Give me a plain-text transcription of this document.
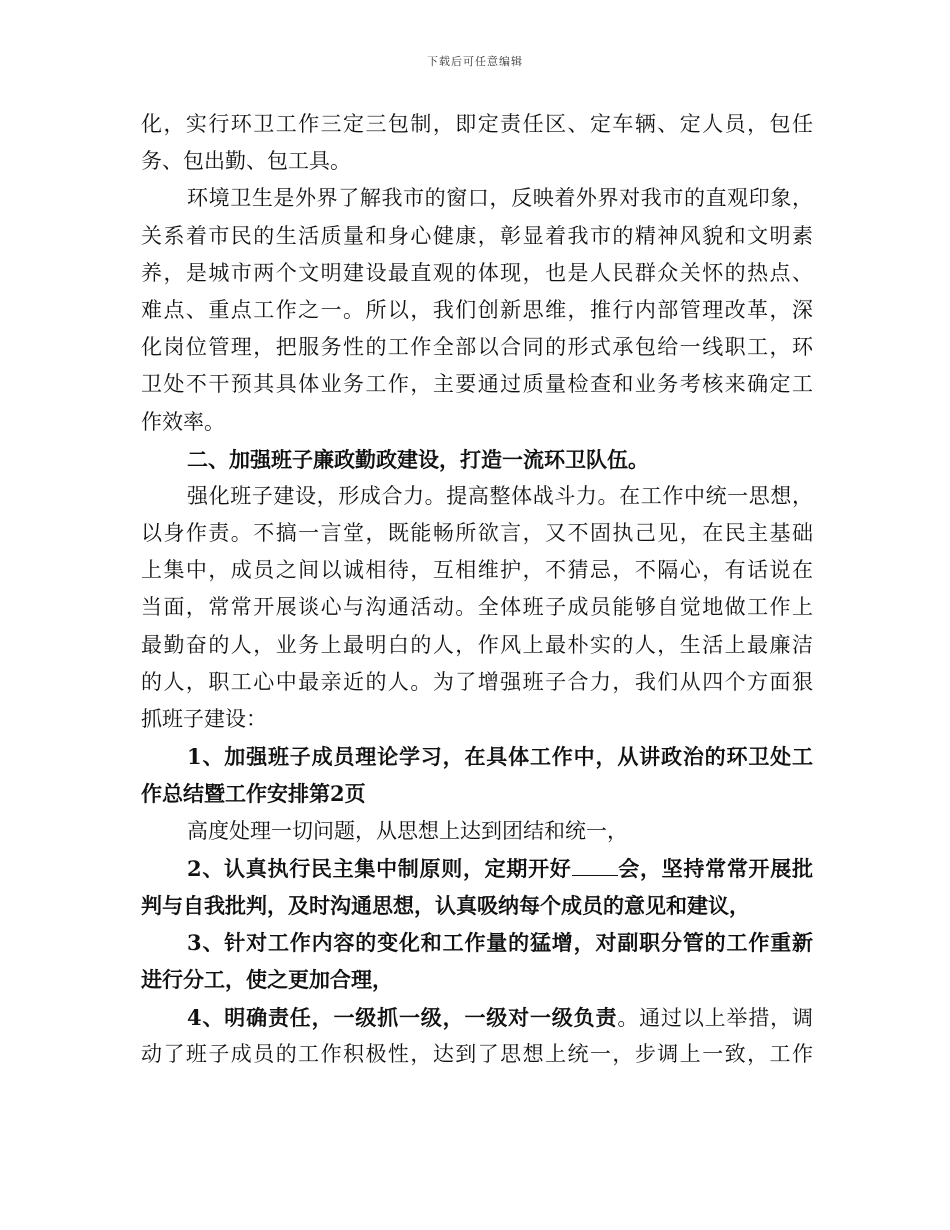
下载后可任意编辑
化，实行环卫工作三定三包制，即定责任区、定车辆、定人员，包任
务、包出勤、包工具。
环境卫生是外界了解我市的窗口，反映着外界对我市的直观印象，
关系着市民的生活质量和身心健康，彰显着我市的精神风貌和文明素
养，是城市两个文明建设最直观的体现，也是人民群众关怀的热点、
难点、重点工作之一。所以，我们创新思维，推行内部管理改革，深
化岗位管理，把服务性的工作全部以合同的形式承包给一线职工，环
卫处不干预其具体业务工作，主要通过质量检查和业务考核来确定工
作效率。
二、加强班子廉政勤政建设，打造一流环卫队伍。
强化班子建设，形成合力。提高整体战斗力。在工作中统一思想，
以身作责。不搞一言堂，既能畅所欲言，又不固执己见，在民主基础
上集中，成员之间以诚相待，互相维护，不猜忌，不隔心，有话说在
当面，常常开展谈心与沟通活动。全体班子成员能够自觉地做工作上
最勤奋的人，业务上最明白的人，作风上最朴实的人，生活上最廉洁
的人，职工心中最亲近的人。为了增强班子合力，我们从四个方面狠
抓班子建设：
1、加强班子成员理论学习，在具体工作中，从讲政治的环卫处工
作总结暨工作安排第2页
高度处理一切问题，从思想上达到团结和统一，
2、认真执行民主集中制原则，定期开好 会，坚持常常开展批
判与自我批判，及时沟通思想，认真吸纳每个成员的意见和建议，
3、针对工作内容的变化和工作量的猛增，对副职分管的工作重新
进行分工，使之更加合理，
4、明确责任，一级抓一级，一级对一级负责。通过以上举措，调
动了班子成员的工作积极性，达到了思想上统一，步调上一致，工作
